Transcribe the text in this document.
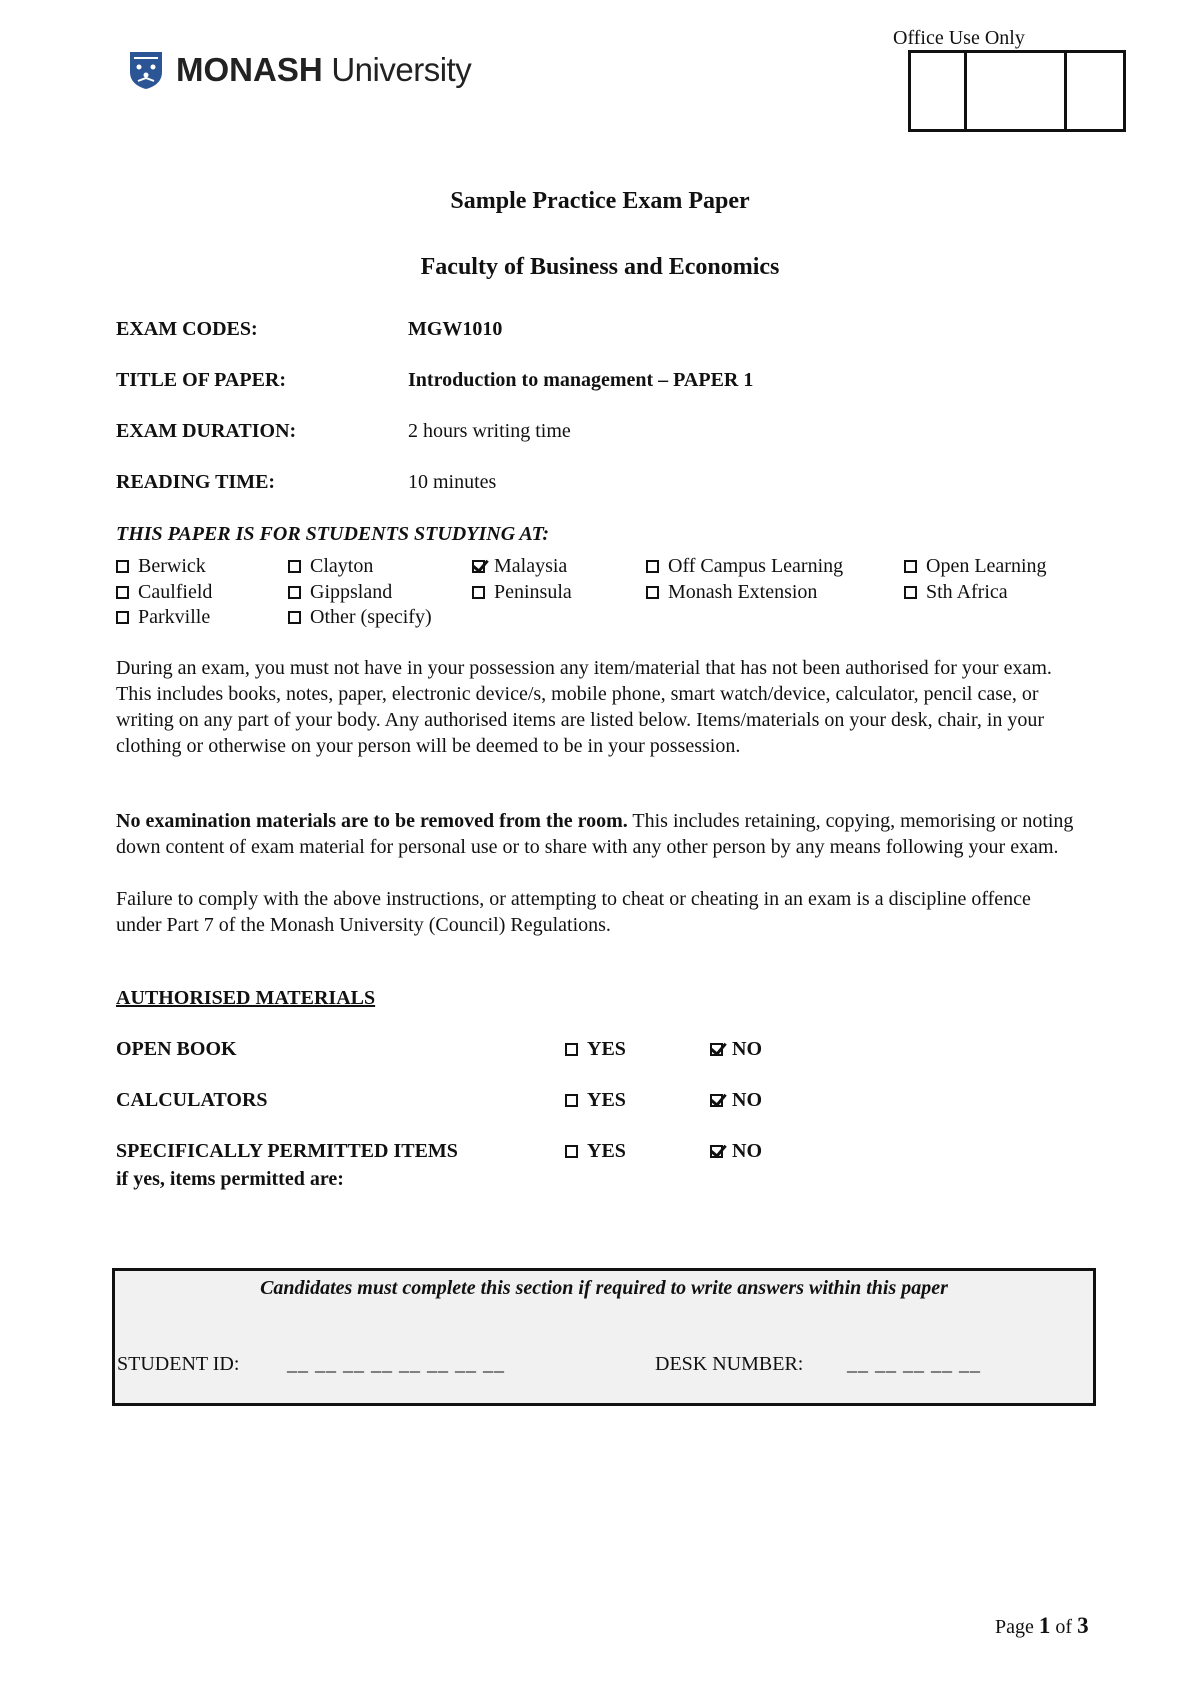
MONASH University
Office Use Only
Sample Practice Exam Paper
Faculty of Business and Economics
EXAM CODES:	MGW1010
TITLE OF PAPER:	Introduction to management – PAPER 1
EXAM DURATION:	2 hours writing time
READING TIME:	10 minutes
THIS PAPER IS FOR STUDENTS STUDYING AT:
Berwick	Clayton	Malaysia	Off Campus Learning	Open Learning
Caulfield	Gippsland	Peninsula	Monash Extension	Sth Africa
Parkville	Other (specify)
During an exam, you must not have in your possession any item/material that has not been authorised for your exam. This includes books, notes, paper, electronic device/s, mobile phone, smart watch/device, calculator, pencil case, or writing on any part of your body. Any authorised items are listed below. Items/materials on your desk, chair, in your clothing or otherwise on your person will be deemed to be in your possession.
No examination materials are to be removed from the room. This includes retaining, copying, memorising or noting down content of exam material for personal use or to share with any other person by any means following your exam.
Failure to comply with the above instructions, or attempting to cheat or cheating in an exam is a discipline offence under Part 7 of the Monash University (Council) Regulations.
AUTHORISED MATERIALS
OPEN BOOK	YES	NO
CALCULATORS	YES	NO
SPECIFICALLY PERMITTED ITEMS	YES	NO
if yes, items permitted are:
Candidates must complete this section if required to write answers within this paper
STUDENT ID: __ __ __ __ __ __ __ __	DESK NUMBER: __ __ __ __ __
Page 1 of 3
